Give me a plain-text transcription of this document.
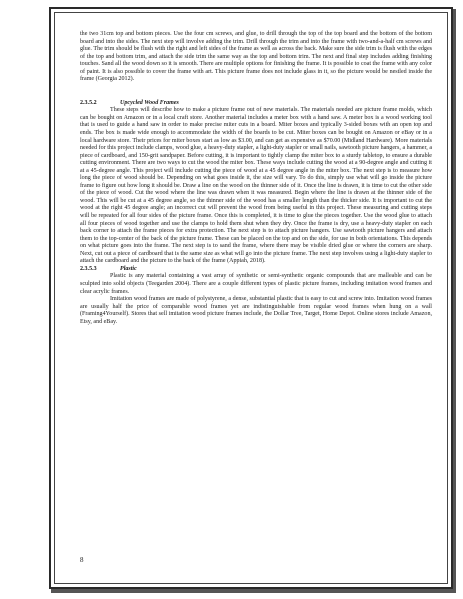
the two 31cm top and bottom pieces. Use the four cm screws, and glue, to drill through the top of the top board and the bottom of the bottom board and into the sides. The next step will involve adding the trim. Drill through the trim and into the frame with two-and-a-half cm screws and glue. The trim should be flush with the right and left sides of the frame as well as across the back. Make sure the side trim is flush with the edges of the top and bottom trim, and attach the side trim the same way as the top and bottom trim. The next and final step includes adding finishing touches. Sand all the wood down so it is smooth. There are multiple options for finishing the frame. It is possible to coat the frame with any color of paint. It is also possible to cover the frame with art. This picture frame does not include glass in it, so the picture would be nestled inside the frame (Georgia 2012).

2.3.5.2	Upcycled Wood Frames

These steps will describe how to make a picture frame out of new materials. The materials needed are picture frame molds, which can be bought on Amazon or in a local craft store. Another material includes a meter box with a hand saw. A meter box is a wood working tool that is used to guide a hand saw in order to make precise miter cuts in a board. Miter boxes and typically 3-sided boxes with an open top and ends. The box is made wide enough to accommodate the width of the boards to be cut. Miter boxes can be bought on Amazon or eBay or in a local hardware store. Their prices for miter boxes start as low as $3.00, and can get as expensive as $70.00 (Midland Hardware). More materials needed for this project include clamps, wood glue, a heavy-duty stapler, a light-duty stapler or small nails, sawtooth picture hangers, a hammer, a piece of cardboard, and 150-grit sandpaper. Before cutting, it is important to tightly clamp the miter box to a sturdy tabletop, to ensure a durable cutting environment. There are two ways to cut the wood the miter box. These ways include cutting the wood at a 90-degree angle and cutting it at a 45-degree angle. This project will include cutting the piece of wood at a 45 degree angle in the miter box. The next step is to measure how long the piece of wood should be. Depending on what goes inside it, the size will vary. To do this, simply use what will go inside the picture frame to figure out how long it should be. Draw a line on the wood on the thinner side of it. Once the line is drawn, it is time to cut the other side of the piece of wood. Cut the wood where the line was drawn when it was measured. Begin where the line is drawn at the thinner side of the wood. This will be cut at a 45 degree angle, so the thinner side of the wood has a smaller length than the thicker side. It is important to cut the wood at the right 45 degree angle; an incorrect cut will prevent the wood from being useful in this project. These measuring and cutting steps will be repeated for all four sides of the picture frame. Once this is completed, it is time to glue the pieces together. Use the wood glue to attach all four pieces of wood together and use the clamps to hold them shut when they dry. Once the frame is dry, use a heavy-duty stapler on each back corner to attach the frame pieces for extra protection. The next step is to attach picture hangers. Use sawtooth picture hangers and attach them to the top-center of the back of the picture frame. These can be placed on the top and on the side, for use in both orientations. This depends on what picture goes into the frame. The next step is to sand the frame, where there may be visible dried glue or where the corners are sharp. Next, cut out a piece of cardboard that is the same size as what will go into the picture frame. The next step involves using a light-duty stapler to attach the cardboard and the picture to the back of the frame (Appiah, 2018).

2.3.5.3	Plastic

Plastic is any material containing a vast array of synthetic or semi-synthetic organic compounds that are malleable and can be sculpted into solid objects (Teegarden 2004). There are a couple different types of plastic picture frames, including imitation wood frames and clear acrylic frames.

Imitation wood frames are made of polystyrene, a dense, substantial plastic that is easy to cut and screw into. Imitation wood frames are usually half the price of comparable wood frames yet are indistinguishable from regular wood frames when hung on a wall (Framing4Yourself). Stores that sell imitation wood picture frames include, the Dollar Tree, Target, Home Depot. Online stores include Amazon, Etsy, and eBay.

8
